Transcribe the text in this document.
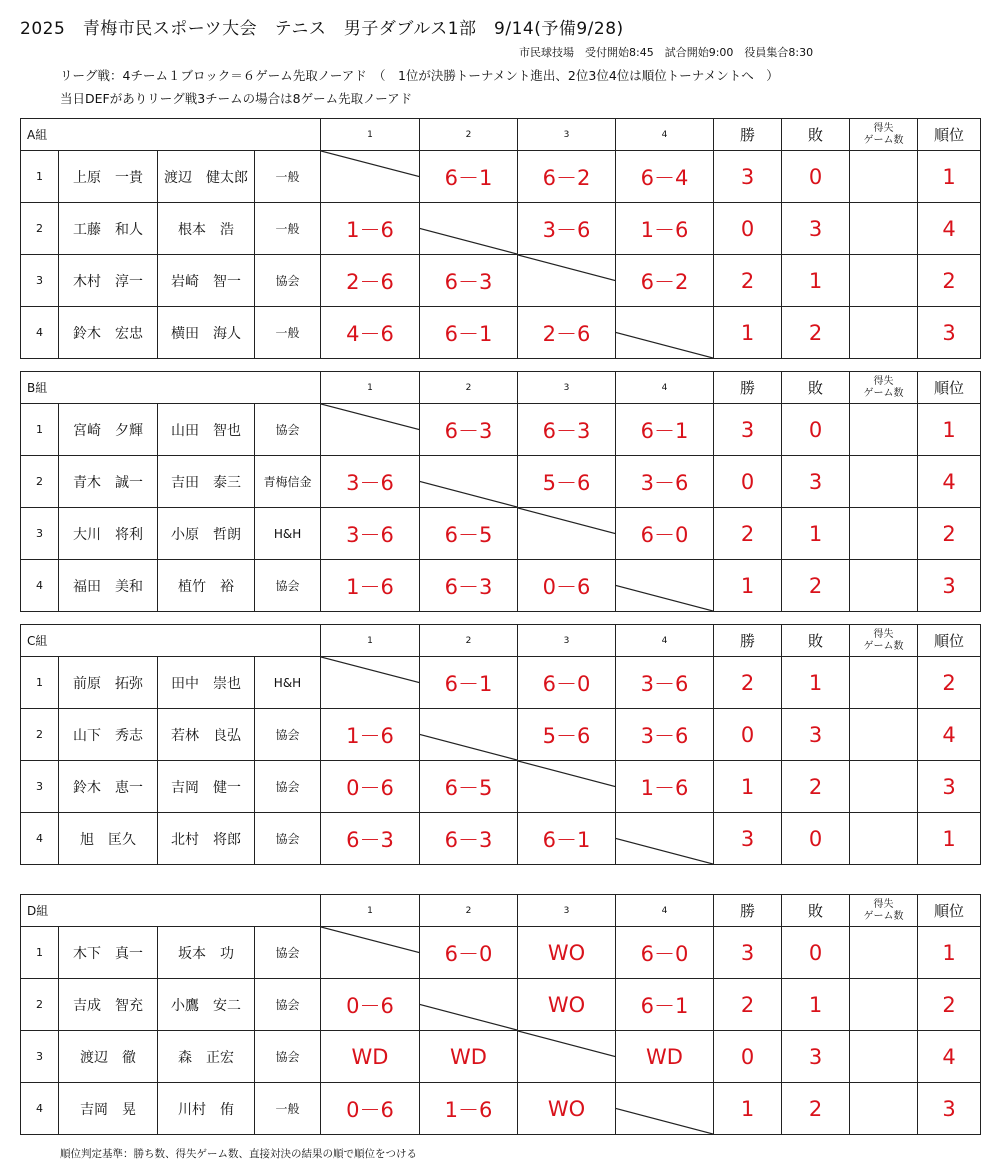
2025　青梅市民スポーツ大会　テニス　男子ダブルス1部　9/14(予備9/28)
市民球技場　受付開始8:45　試合開始9:00　役員集合8:30
リーグ戦：4チーム１ブロック＝６ゲーム先取ノーアド　（　1位が決勝トーナメント進出、2位3位4位は順位トーナメントへ　）
当日DEFがありリーグ戦3チームの場合は8ゲーム先取ノーアド
A組				1	2	3	4	勝	敗	得失
ゲーム数	順位
1	上原　一貴	渡辺　健太郎	一般		6－1	6－2	6－4	3	0		1
2	工藤　和人	根本　浩	一般	1－6		3－6	1－6	0	3		4
3	木村　淳一	岩崎　智一	協会	2－6	6－3		6－2	2	1		2
4	鈴木　宏忠	横田　海人	一般	4－6	6－1	2－6		1	2		3
B組				1	2	3	4	勝	敗	得失
ゲーム数	順位
1	宮崎　夕輝	山田　智也	協会		6－3	6－3	6－1	3	0		1
2	青木　誠一	吉田　泰三	青梅信金	3－6		5－6	3－6	0	3		4
3	大川　将利	小原　哲朗	H&H	3－6	6－5		6－0	2	1		2
4	福田　美和	植竹　裕	協会	1－6	6－3	0－6		1	2		3
C組				1	2	3	4	勝	敗	得失
ゲーム数	順位
1	前原　拓弥	田中　崇也	H&H		6－1	6－0	3－6	2	1		2
2	山下　秀志	若林　良弘	協会	1－6		5－6	3－6	0	3		4
3	鈴木　恵一	吉岡　健一	協会	0－6	6－5		1－6	1	2		3
4	旭　匡久	北村　将郎	協会	6－3	6－3	6－1		3	0		1
D組				1	2	3	4	勝	敗	得失
ゲーム数	順位
1	木下　真一	坂本　功	協会		6－0	WO	6－0	3	0		1
2	吉成　智充	小鷹　安二	協会	0－6		WO	6－1	2	1		2
3	渡辺　徹	森　正宏	協会	WD	WD		WD	0	3		4
4	吉岡　晃	川村　侑	一般	0－6	1－6	WO		1	2		3
順位判定基準：勝ち数、得失ゲーム数、直接対決の結果の順で順位をつける
